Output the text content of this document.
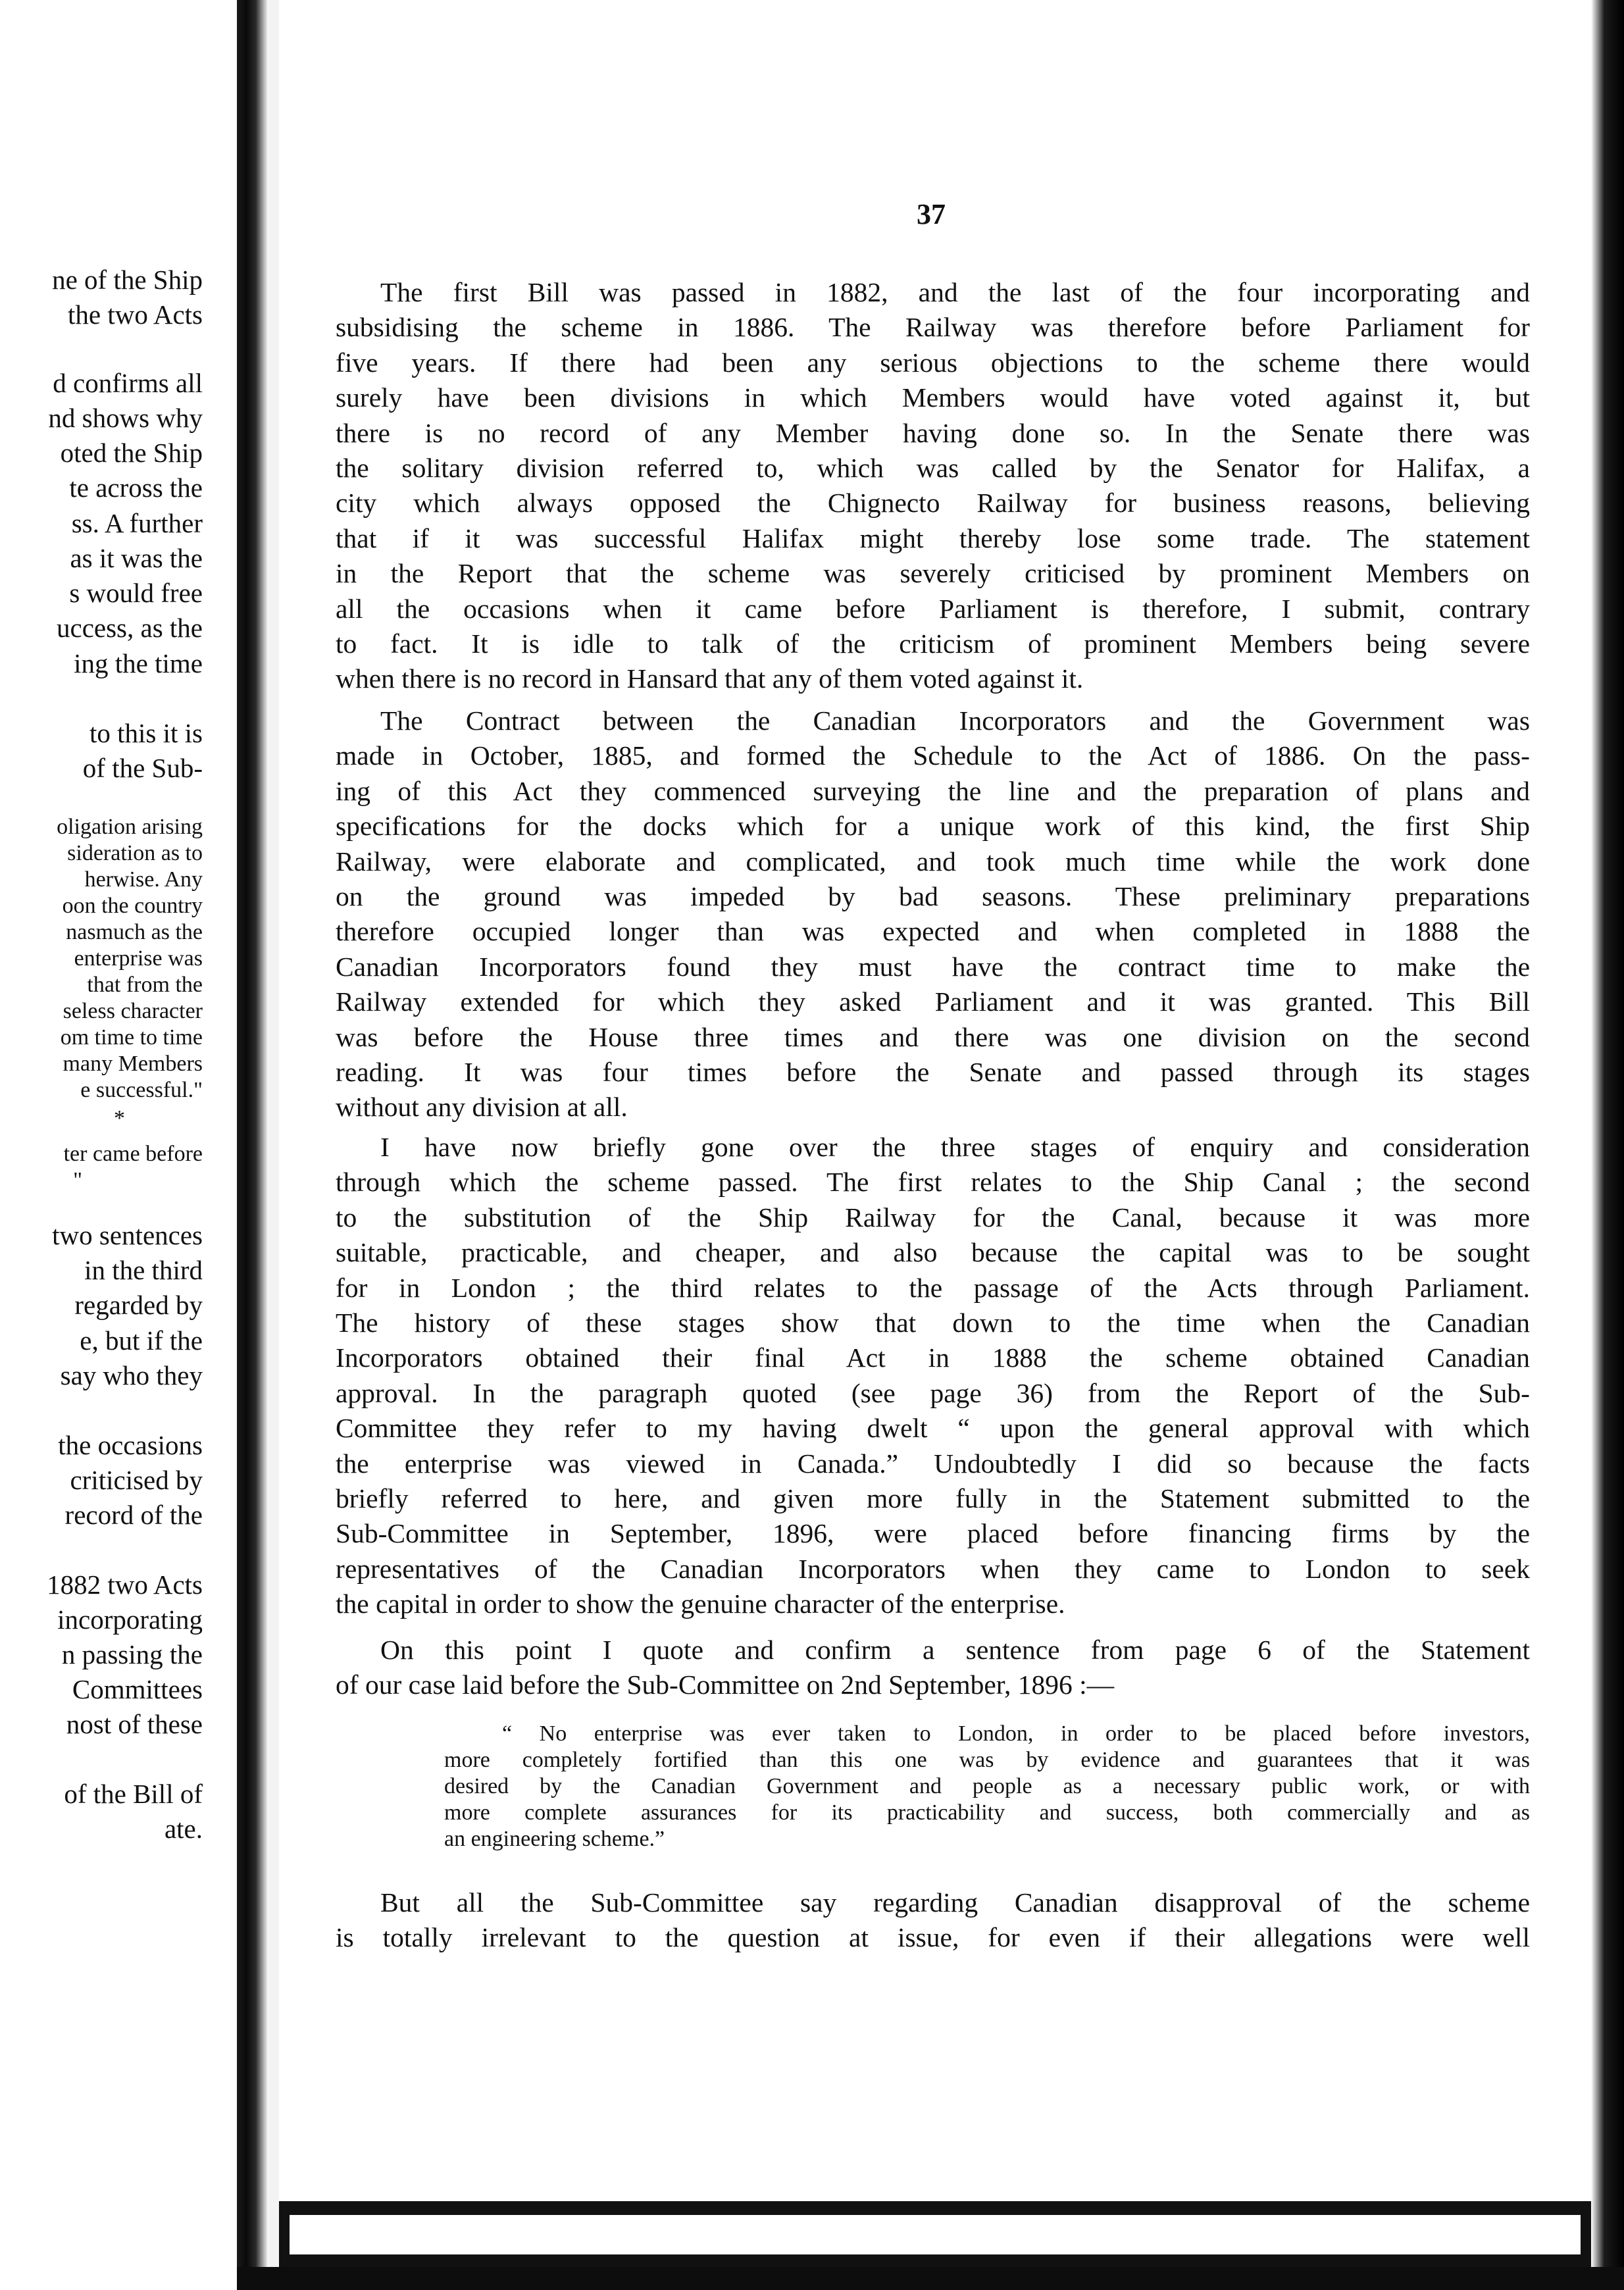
ne of the Ship
the two Acts
d confirms all
nd shows why
oted the Ship
te across the
ss. A further
as it was the
s would free
uccess, as the
ing the time
to this it is
of the Sub-
oligation arising
sideration as to
herwise. Any
oon the country
nasmuch as the
enterprise was
that from the
seless character
om time to time
many Members
e successful."
*
ter came before
"
two sentences
in the third
regarded by
e, but if the
say who they
the occasions
criticised by
record of the
1882 two Acts
incorporating
n passing the
Committees
nost of these
of the Bill of
ate.
37
The first Bill was passed in 1882, and the last of the four incorporating and
subsidising the scheme in 1886. The Railway was therefore before Parliament for
five years. If there had been any serious objections to the scheme there would
surely have been divisions in which Members would have voted against it, but
there is no record of any Member having done so. In the Senate there was
the solitary division referred to, which was called by the Senator for Halifax, a
city which always opposed the Chignecto Railway for business reasons, believing
that if it was successful Halifax might thereby lose some trade. The statement
in the Report that the scheme was severely criticised by prominent Members on
all the occasions when it came before Parliament is therefore, I submit, contrary
to fact. It is idle to talk of the criticism of prominent Members being severe
when there is no record in Hansard that any of them voted against it.
The Contract between the Canadian Incorporators and the Government was
made in October, 1885, and formed the Schedule to the Act of 1886. On the pass-
ing of this Act they commenced surveying the line and the preparation of plans and
specifications for the docks which for a unique work of this kind, the first Ship
Railway, were elaborate and complicated, and took much time while the work done
on the ground was impeded by bad seasons. These preliminary preparations
therefore occupied longer than was expected and when completed in 1888 the
Canadian Incorporators found they must have the contract time to make the
Railway extended for which they asked Parliament and it was granted. This Bill
was before the House three times and there was one division on the second
reading. It was four times before the Senate and passed through its stages
without any division at all.
I have now briefly gone over the three stages of enquiry and consideration
through which the scheme passed. The first relates to the Ship Canal ; the second
to the substitution of the Ship Railway for the Canal, because it was more
suitable, practicable, and cheaper, and also because the capital was to be sought
for in London ; the third relates to the passage of the Acts through Parliament.
The history of these stages show that down to the time when the Canadian
Incorporators obtained their final Act in 1888 the scheme obtained Canadian
approval. In the paragraph quoted (see page 36) from the Report of the Sub-
Committee they refer to my having dwelt “ upon the general approval with which
the enterprise was viewed in Canada.” Undoubtedly I did so because the facts
briefly referred to here, and given more fully in the Statement submitted to the
Sub-Committee in September, 1896, were placed before financing firms by the
representatives of the Canadian Incorporators when they came to London to seek
the capital in order to show the genuine character of the enterprise.
On this point I quote and confirm a sentence from page 6 of the Statement
of our case laid before the Sub-Committee on 2nd September, 1896 :—
“ No enterprise was ever taken to London, in order to be placed before investors,
more completely fortified than this one was by evidence and guarantees that it was
desired by the Canadian Government and people as a necessary public work, or with
more complete assurances for its practicability and success, both commercially and as
an engineering scheme.”
But all the Sub-Committee say regarding Canadian disapproval of the scheme
is totally irrelevant to the question at issue, for even if their allegations were well
